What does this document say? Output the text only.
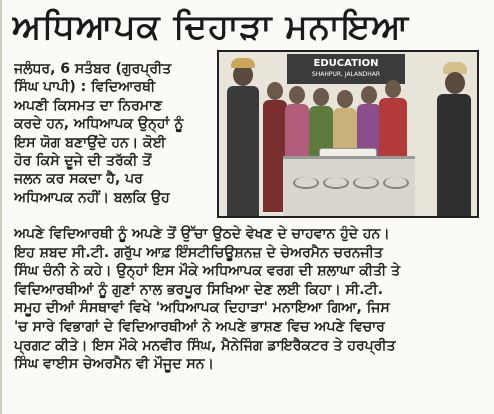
ਅਧਿਆਪਕ ਦਿਹਾੜਾ ਮਨਾਇਆ
ਜਲੰਧਰ, 6 ਸਤੰਬਰ (ਗੁਰਪ੍ਰੀਤ
ਸਿੰਘ ਪਾਪੀ) : ਵਿਦਿਆਰਥੀ
ਅਪਣੀ ਕਿਸਮਤ ਦਾ ਨਿਰਮਾਣ
ਕਰਦੇ ਹਨ, ਅਧਿਆਪਕ ਉਨ੍ਹਾਂ ਨੂੰ
ਇਸ ਯੋਗ ਬਣਾਉਂਦੇ ਹਨ। ਕੋਈ
ਹੋਰ ਕਿਸੇ ਦੂਜੇ ਦੀ ਤਰੱਕੀ ਤੋਂ
ਜਲਨ ਕਰ ਸਕਦਾ ਹੈ, ਪਰ
ਅਧਿਆਪਕ ਨਹੀਂ। ਬਲਕਿ ਉਹ
EDUCATION
SHAHPUR, JALANDHAR
ਅਪਣੇ ਵਿਦਿਆਰਥੀ ਨੂੰ ਅਪਣੇ ਤੋਂ ਉੱਚਾ ਉਠਦੇ ਵੇਖਣ ਦੇ ਚਾਹਵਾਨ ਹੁੰਦੇ ਹਨ।
ਇਹ ਸ਼ਬਦ ਸੀ.ਟੀ. ਗਰੁੱਪ ਆਫ਼ ਇੰਸਟੀਚਿਊਸ਼ਨਜ਼ ਦੇ ਚੇਅਰਮੈਨ ਚਰਨਜੀਤ
ਸਿੰਘ ਚੰਨੀ ਨੇ ਕਹੇ। ਉਨ੍ਹਾਂ ਇਸ ਮੌਕੇ ਅਧਿਆਪਕ ਵਰਗ ਦੀ ਸ਼ਲਾਘਾ ਕੀਤੀ ਤੇ
ਵਿਦਿਆਰਥੀਆਂ ਨੂੰ ਗੁਣਾਂ ਨਾਲ ਭਰਪੂਰ ਸਿਖਿਆ ਦੇਣ ਲਈ ਕਿਹਾ। ਸੀ.ਟੀ.
ਸਮੂਹ ਦੀਆਂ ਸੰਸਥਾਵਾਂ ਵਿਖੇ 'ਅਧਿਆਪਕ ਦਿਹਾੜਾ' ਮਨਾਇਆ ਗਿਆ, ਜਿਸ
'ਚ ਸਾਰੇ ਵਿਭਾਗਾਂ ਦੇ ਵਿਦਿਆਰਥੀਆਂ ਨੇ ਅਪਣੇ ਭਾਸ਼ਣ ਵਿਚ ਅਪਣੇ ਵਿਚਾਰ
ਪ੍ਰਗਟ ਕੀਤੇ। ਇਸ ਮੌਕੇ ਮਨਵੀਰ ਸਿੰਘ, ਮੈਨੇਜਿੰਗ ਡਾਇਰੈਕਟਰ ਤੇ ਹਰਪ੍ਰੀਤ
ਸਿੰਘ ਵਾਈਸ ਚੇਅਰਮੈਨ ਵੀ ਮੌਜੂਦ ਸਨ।
